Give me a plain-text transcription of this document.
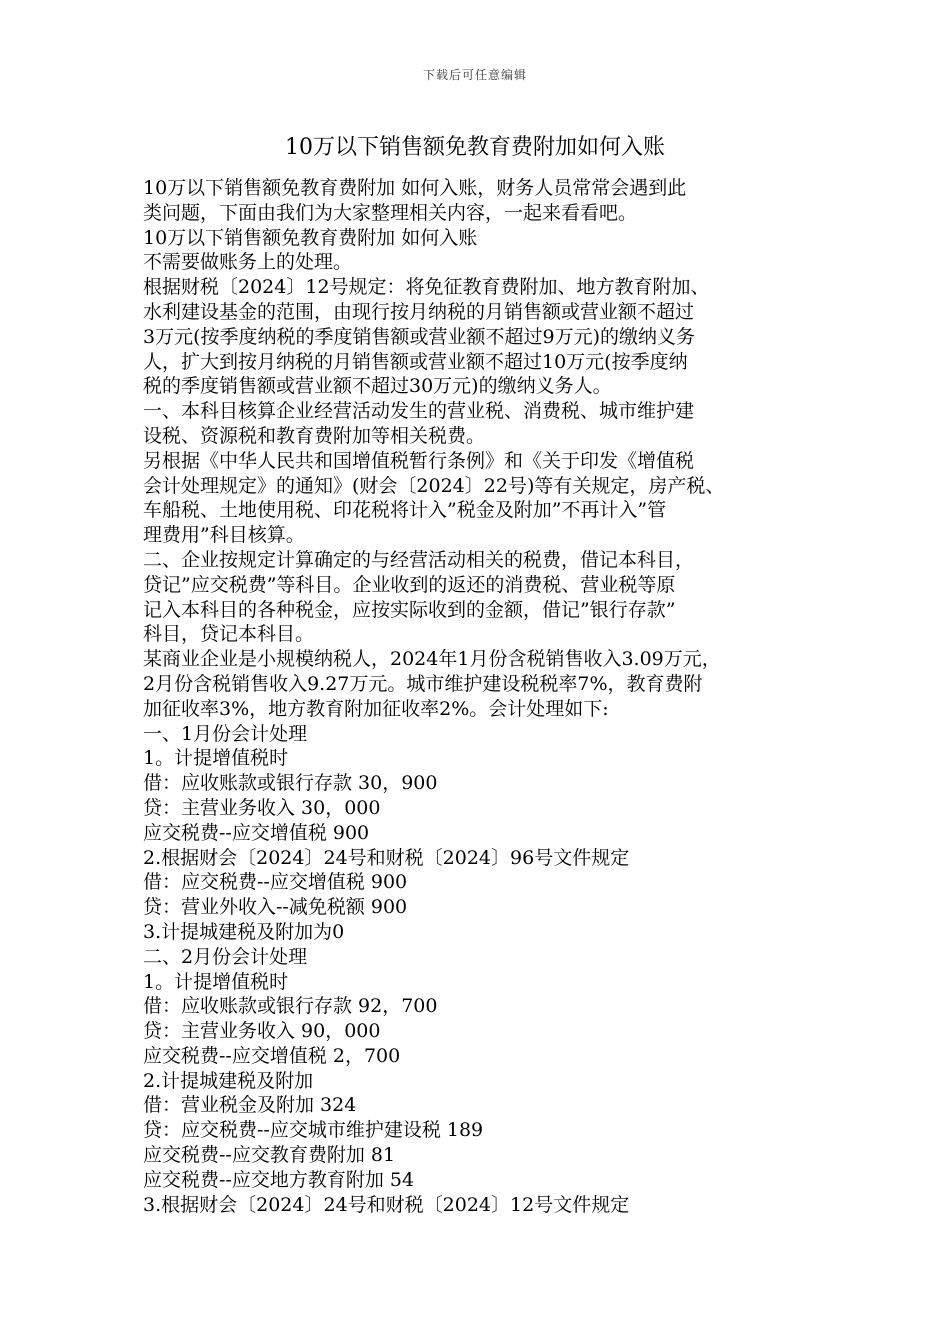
下载后可任意编辑
10万以下销售额免教育费附加如何入账
10万以下销售额免教育费附加 如何入账，财务人员常常会遇到此
类问题，下面由我们为大家整理相关内容，一起来看看吧。
10万以下销售额免教育费附加 如何入账
不需要做账务上的处理。
根据财税〔2024〕12号规定：将免征教育费附加、地方教育附加、
水利建设基金的范围，由现行按月纳税的月销售额或营业额不超过
3万元(按季度纳税的季度销售额或营业额不超过9万元)的缴纳义务
人，扩大到按月纳税的月销售额或营业额不超过10万元(按季度纳
税的季度销售额或营业额不超过30万元)的缴纳义务人。
一、本科目核算企业经营活动发生的营业税、消费税、城市维护建
设税、资源税和教育费附加等相关税费。
另根据《中华人民共和国增值税暂行条例》和《关于印发《增值税
会计处理规定》的通知》(财会〔2024〕22号)等有关规定，房产税、
车船税、土地使用税、印花税将计入”税金及附加”不再计入”管
理费用”科目核算。
二、企业按规定计算确定的与经营活动相关的税费，借记本科目，
贷记”应交税费”等科目。企业收到的返还的消费税、营业税等原
记入本科目的各种税金，应按实际收到的金额，借记”银行存款”
科目，贷记本科目。
某商业企业是小规模纳税人，2024年1月份含税销售收入3.09万元，
2月份含税销售收入9.27万元。城市维护建设税税率7%，教育费附
加征收率3%，地方教育附加征收率2%。会计处理如下:
一、1月份会计处理
1。计提增值税时
借：应收账款或银行存款 30，900
贷：主营业务收入 30，000
应交税费--应交增值税 900
2.根据财会〔2024〕24号和财税〔2024〕96号文件规定
借：应交税费--应交增值税 900
贷：营业外收入--减免税额 900
3.计提城建税及附加为0
二、2月份会计处理
1。计提增值税时
借：应收账款或银行存款 92，700
贷：主营业务收入 90，000
应交税费--应交增值税 2，700
2.计提城建税及附加
借：营业税金及附加 324
贷：应交税费--应交城市维护建设税 189
应交税费--应交教育费附加 81
应交税费--应交地方教育附加 54
3.根据财会〔2024〕24号和财税〔2024〕12号文件规定
